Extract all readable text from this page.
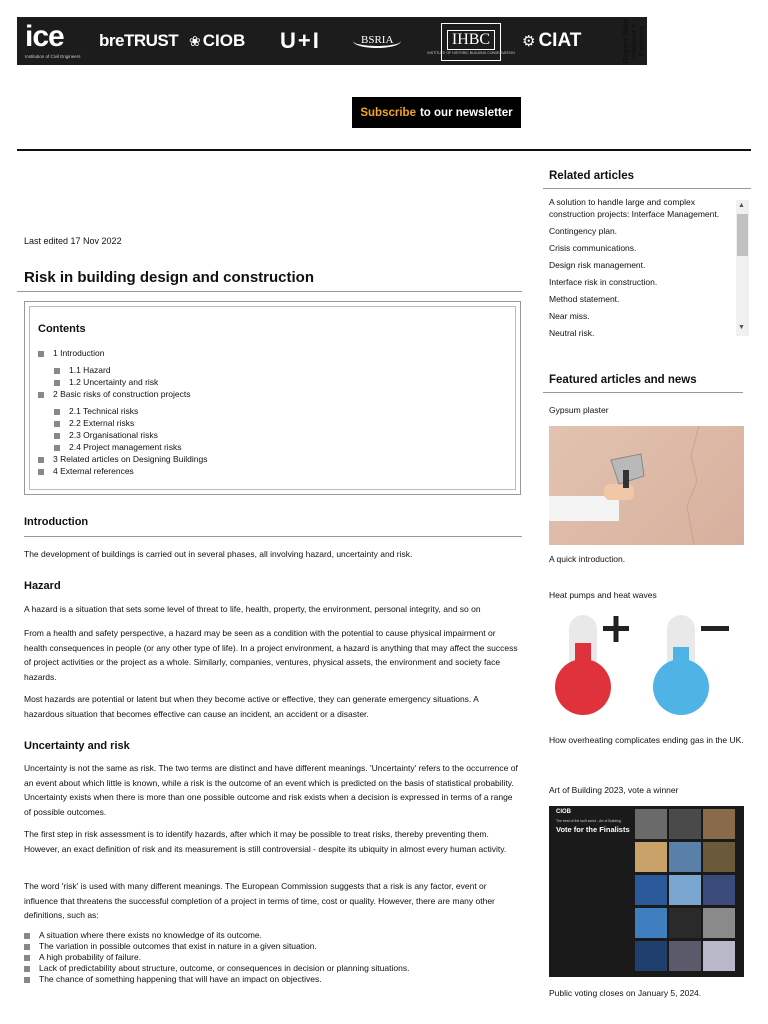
ice
Institution of Civil Engineers
breTRUST ❀ CIOB U+I	BSRIA	IHBC
INSTITUTE OF HISTORIC BUILDING CONSERVATION
⚙ CIAT	Rogers Stirk Harbour + Partners
Subscribe to our newsletter
Last edited 17 Nov 2022
Risk in building design and construction
Contents
1 Introduction
1.1 Hazard
1.2 Uncertainty and risk
2 Basic risks of construction projects
2.1 Technical risks
2.2 External risks
2.3 Organisational risks
2.4 Project management risks
3 Related articles on Designing Buildings
4 External references
Introduction

The development of buildings is carried out in several phases, all involving hazard, uncertainty and risk.

Hazard

A hazard is a situation that sets some level of threat to life, health, property, the environment, personal integrity, and so on

From a health and safety perspective, a hazard may be seen as a condition with the potential to cause physical impairment or health consequences in people (or any other type of life). In a project environment, a hazard is anything that may affect the success of project activities or the project as a whole. Similarly, companies, ventures, physical assets, the environment and society face hazards.

Most hazards are potential or latent but when they become active or effective, they can generate emergency situations. A hazardous situation that becomes effective can cause an incident, an accident or a disaster.

Uncertainty and risk

Uncertainty is not the same as risk. The two terms are distinct and have different meanings. 'Uncertainty' refers to the occurrence of an event about which little is known, while a risk is the outcome of an event which is predicted on the basis of statistical probability. Uncertainty exists when there is more than one possible outcome and risk exists when a decision is expressed in terms of a range of possible outcomes.

The first step in risk assessment is to identify hazards, after which it may be possible to treat risks, thereby preventing them. However, an exact definition of risk and its measurement is still controversial - despite its ubiquity in almost every human activity.

The word 'risk' is used with many different meanings. The European Commission suggests that a risk is any factor, event or influence that threatens the successful completion of a project in terms of time, cost or quality. However, there are many other definitions, such as:

A situation where there exists no knowledge of its outcome.
The variation in possible outcomes that exist in nature in a given situation.
A high probability of failure.
Lack of predictability about structure, outcome, or consequences in decision or planning situations.
The chance of something happening that will have an impact on objectives.
Related articles
A solution to handle large and complex construction projects: Interface Management.
Contingency plan.
Crisis communications.
Design risk management.
Interface risk in construction.
Method statement.
Near miss.
Neutral risk.
▲
▼
Featured articles and news
Gypsum plaster
A quick introduction.
Heat pumps and heat waves
How overheating complicates ending gas in the UK.
Art of Building 2023, vote a winner
CIOB
The best of the built world - Art of Building
Vote for the Finalists
Public voting closes on January 5, 2024.
